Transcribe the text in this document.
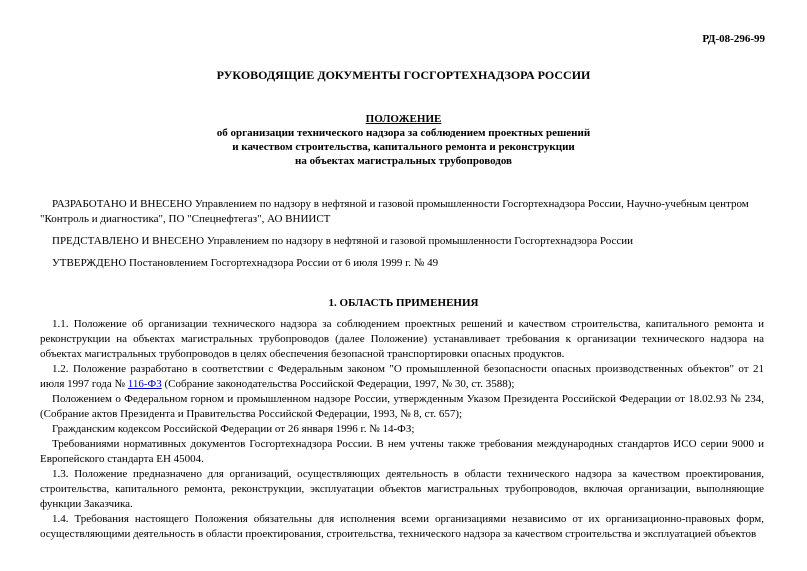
РД-08-296-99
РУКОВОДЯЩИЕ ДОКУМЕНТЫ ГОСГОРТЕХНАДЗОРА РОССИИ
ПОЛОЖЕНИЕ
об организации технического надзора за соблюдением проектных решений
и качеством строительства, капитального ремонта и реконструкции
на объектах магистральных трубопроводов

РАЗРАБОТАНО И ВНЕСЕНО Управлением по надзору в нефтяной и газовой промышленности Госгортехнадзора России, Научно-учебным центром "Контроль и диагностика", ПО "Спецнефтегаз", АО ВНИИСТ

ПРЕДСТАВЛЕНО И ВНЕСЕНО Управлением по надзору в нефтяной и газовой промышленности Госгортехнадзора России

УТВЕРЖДЕНО Постановлением Госгортехнадзора России от 6 июля 1999 г. № 49

1. ОБЛАСТЬ ПРИМЕНЕНИЯ

1.1. Положение об организации технического надзора за соблюдением проектных решений и качеством строительства, капитального ремонта и реконструкции на объектах магистральных трубопроводов (далее Положение) устанавливает требования к организации технического надзора на объектах магистральных трубопроводов в целях обеспечения безопасной транспортировки опасных продуктов.

1.2. Положение разработано в соответствии с Федеральным законом "О промышленной безопасности опасных производственных объектов" от 21 июля 1997 года № 116-ФЗ (Собрание законодательства Российской Федерации, 1997, № 30, ст. 3588);

Положением о Федеральном горном и промышленном надзоре России, утвержденным Указом Президента Российской Федерации от 18.02.93 № 234, (Собрание актов Президента и Правительства Российской Федерации, 1993, № 8, ст. 657);

Гражданским кодексом Российской Федерации от 26 января 1996 г. № 14-ФЗ;

Требованиями нормативных документов Госгортехнадзора России. В нем учтены также требования международных стандартов ИСО серии 9000 и Европейского стандарта ЕН 45004.

1.3. Положение предназначено для организаций, осуществляющих деятельность в области технического надзора за качеством проектирования, строительства, капитального ремонта, реконструкции, эксплуатации объектов магистральных трубопроводов, включая организации, выполняющие функции Заказчика.

1.4. Требования настоящего Положения обязательны для исполнения всеми организациями независимо от их организационно-правовых форм, осуществляющими деятельность в области проектирования, строительства, технического надзора за качеством строительства и эксплуатацией объектов
